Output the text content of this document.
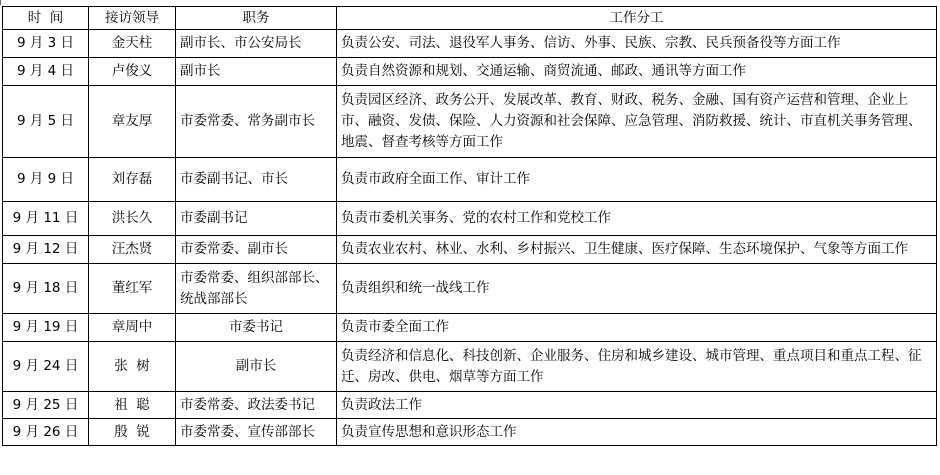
时  间	接访领导	职务	工作分工
9 月 3 日	金天柱	副市长、市公安局长	负责公安、司法、退役军人事务、信访、外事、民族、宗教、民兵预备役等方面工作
9 月 4 日	卢俊义	副市长	负责自然资源和规划、交通运输、商贸流通、邮政、通讯等方面工作
9 月 5 日	章友厚	市委常委、常务副市长	负责园区经济、政务公开、发展改革、教育、财政、税务、金融、国有资产运营和管理、企业上市、融资、发债、保险、人力资源和社会保障、应急管理、消防救援、统计、市直机关事务管理、地震、督查考核等方面工作
9 月 9 日	刘存磊	市委副书记、市长	负责市政府全面工作、审计工作
9 月 11 日	洪长久	市委副书记	负责市委机关事务、党的农村工作和党校工作
9 月 12 日	汪杰贤	市委常委、副市长	负责农业农村、林业、水利、乡村振兴、卫生健康、医疗保障、生态环境保护、气象等方面工作
9 月 18 日	董红军	市委常委、组织部部长、统战部部长	负责组织和统一战线工作
9 月 19 日	章周中	市委书记	负责市委全面工作
9 月 24 日	张  树	副市长	负责经济和信息化、科技创新、企业服务、住房和城乡建设、城市管理、重点项目和重点工程、征迁、房改、供电、烟草等方面工作
9 月 25 日	祖  聪	市委常委、政法委书记	负责政法工作
9 月 26 日	殷  锐	市委常委、宣传部部长	负责宣传思想和意识形态工作
